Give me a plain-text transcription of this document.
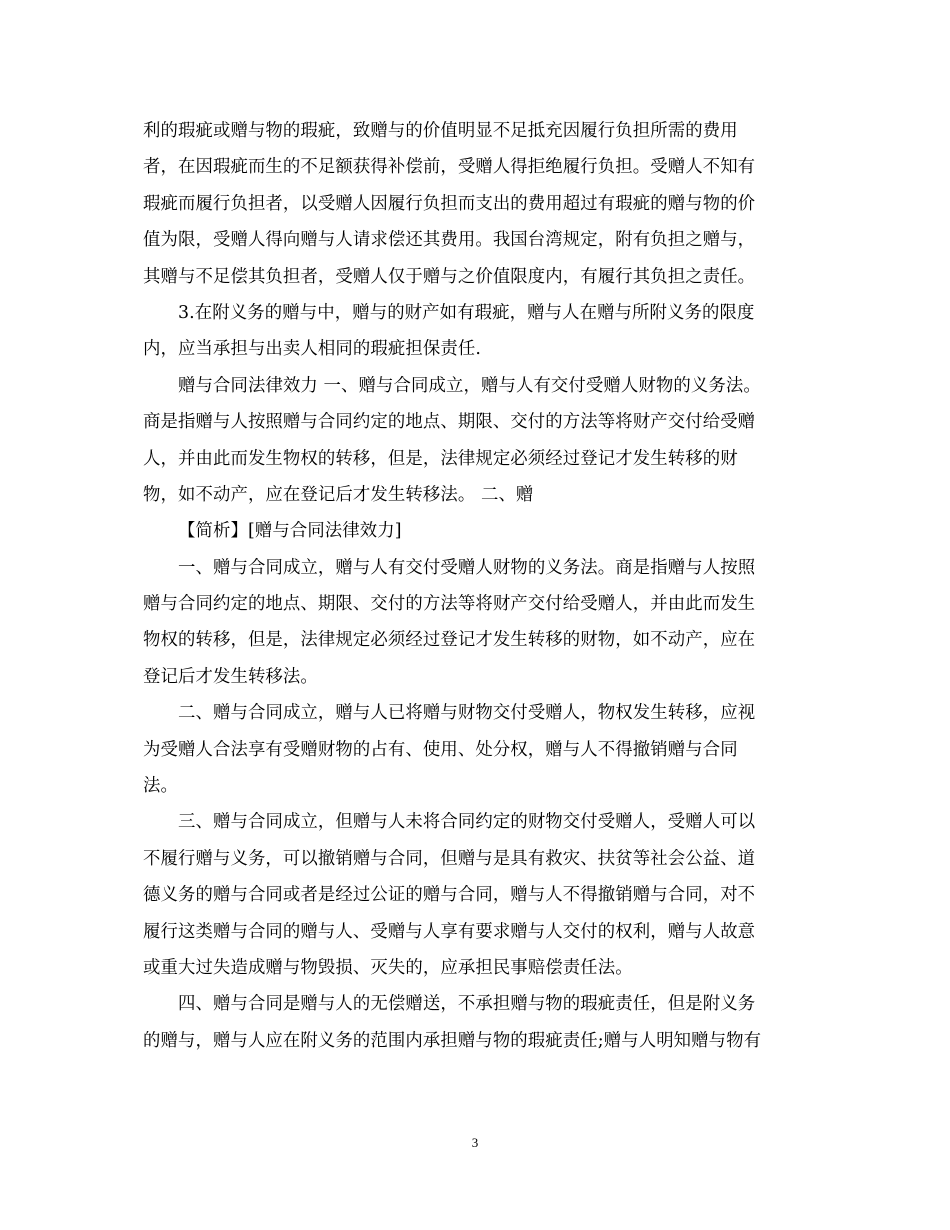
利的瑕疵或赠与物的瑕疵，致赠与的价值明显不足抵充因履行负担所需的费用
者，在因瑕疵而生的不足额获得补偿前，受赠人得拒绝履行负担。受赠人不知有
瑕疵而履行负担者，以受赠人因履行负担而支出的费用超过有瑕疵的赠与物的价
值为限，受赠人得向赠与人请求偿还其费用。我国台湾规定，附有负担之赠与，
其赠与不足偿其负担者，受赠人仅于赠与之价值限度内，有履行其负担之责任。
3.在附义务的赠与中，赠与的财产如有瑕疵，赠与人在赠与所附义务的限度
内，应当承担与出卖人相同的瑕疵担保责任.
赠与合同法律效力 一、赠与合同成立，赠与人有交付受赠人财物的义务法。
商是指赠与人按照赠与合同约定的地点、期限、交付的方法等将财产交付给受赠
人，并由此而发生物权的转移，但是，法律规定必须经过登记才发生转移的财
物，如不动产，应在登记后才发生转移法。 二、赠
【简析】[赠与合同法律效力]
一、赠与合同成立，赠与人有交付受赠人财物的义务法。商是指赠与人按照
赠与合同约定的地点、期限、交付的方法等将财产交付给受赠人，并由此而发生
物权的转移，但是，法律规定必须经过登记才发生转移的财物，如不动产，应在
登记后才发生转移法。
二、赠与合同成立，赠与人已将赠与财物交付受赠人，物权发生转移，应视
为受赠人合法享有受赠财物的占有、使用、处分权，赠与人不得撤销赠与合同
法。
三、赠与合同成立，但赠与人未将合同约定的财物交付受赠人，受赠人可以
不履行赠与义务，可以撤销赠与合同，但赠与是具有救灾、扶贫等社会公益、道
德义务的赠与合同或者是经过公证的赠与合同，赠与人不得撤销赠与合同，对不
履行这类赠与合同的赠与人、受赠与人享有要求赠与人交付的权利，赠与人故意
或重大过失造成赠与物毁损、灭失的，应承担民事赔偿责任法。
四、赠与合同是赠与人的无偿赠送，不承担赠与物的瑕疵责任，但是附义务
的赠与，赠与人应在附义务的范围内承担赠与物的瑕疵责任;赠与人明知赠与物有
3
